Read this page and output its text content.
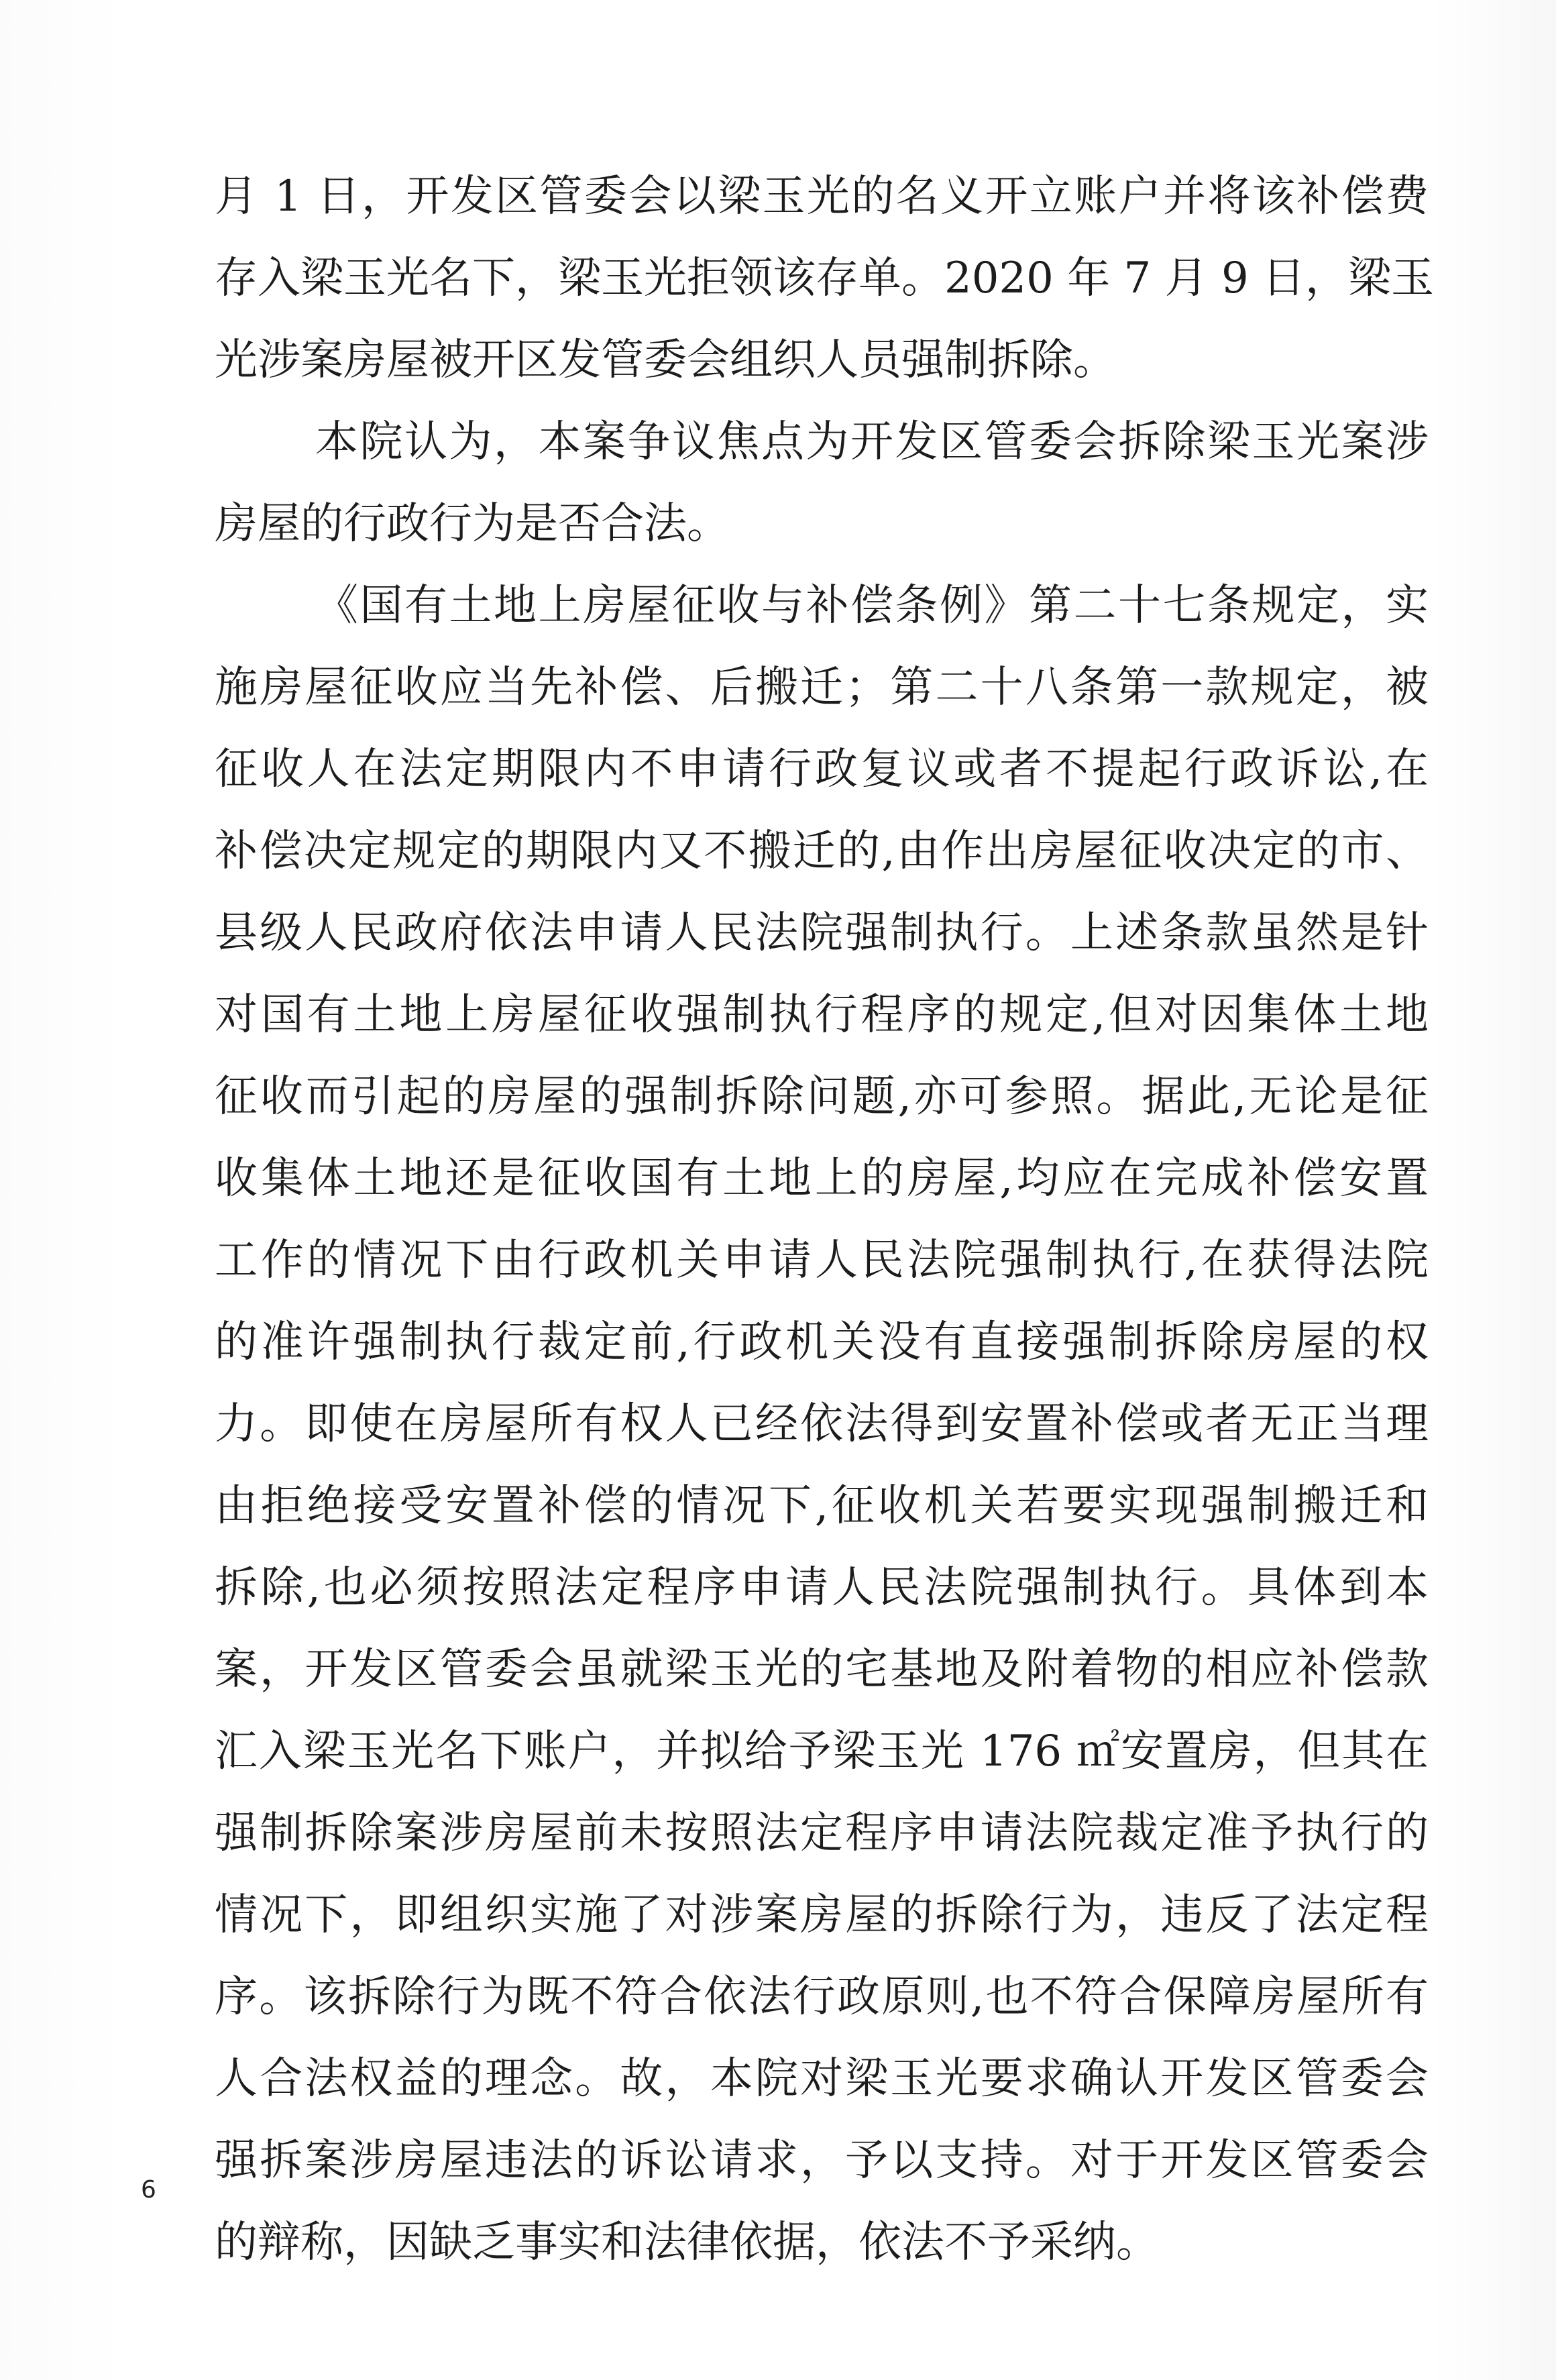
月 1 日，开发区管委会以梁玉光的名义开立账户并将该补偿费
存入梁玉光名下，梁玉光拒领该存单。2020 年 7 月 9 日，梁玉
光涉案房屋被开区发管委会组织人员强制拆除。
本院认为，本案争议焦点为开发区管委会拆除梁玉光案涉
房屋的行政行为是否合法。
《国有土地上房屋征收与补偿条例》第二十七条规定，实
施房屋征收应当先补偿、后搬迁；第二十八条第一款规定，被
征收人在法定期限内不申请行政复议或者不提起行政诉讼,在
补偿决定规定的期限内又不搬迁的,由作出房屋征收决定的市、
县级人民政府依法申请人民法院强制执行。上述条款虽然是针
对国有土地上房屋征收强制执行程序的规定,但对因集体土地
征收而引起的房屋的强制拆除问题,亦可参照。据此,无论是征
收集体土地还是征收国有土地上的房屋,均应在完成补偿安置
工作的情况下由行政机关申请人民法院强制执行,在获得法院
的准许强制执行裁定前,行政机关没有直接强制拆除房屋的权
力。即使在房屋所有权人已经依法得到安置补偿或者无正当理
由拒绝接受安置补偿的情况下,征收机关若要实现强制搬迁和
拆除,也必须按照法定程序申请人民法院强制执行。具体到本
案，开发区管委会虽就梁玉光的宅基地及附着物的相应补偿款
汇入梁玉光名下账户，并拟给予梁玉光 176 ㎡安置房，但其在
强制拆除案涉房屋前未按照法定程序申请法院裁定准予执行的
情况下，即组织实施了对涉案房屋的拆除行为，违反了法定程
序。该拆除行为既不符合依法行政原则,也不符合保障房屋所有
人合法权益的理念。故，本院对梁玉光要求确认开发区管委会
强拆案涉房屋违法的诉讼请求，予以支持。对于开发区管委会
的辩称，因缺乏事实和法律依据，依法不予采纳。
6
